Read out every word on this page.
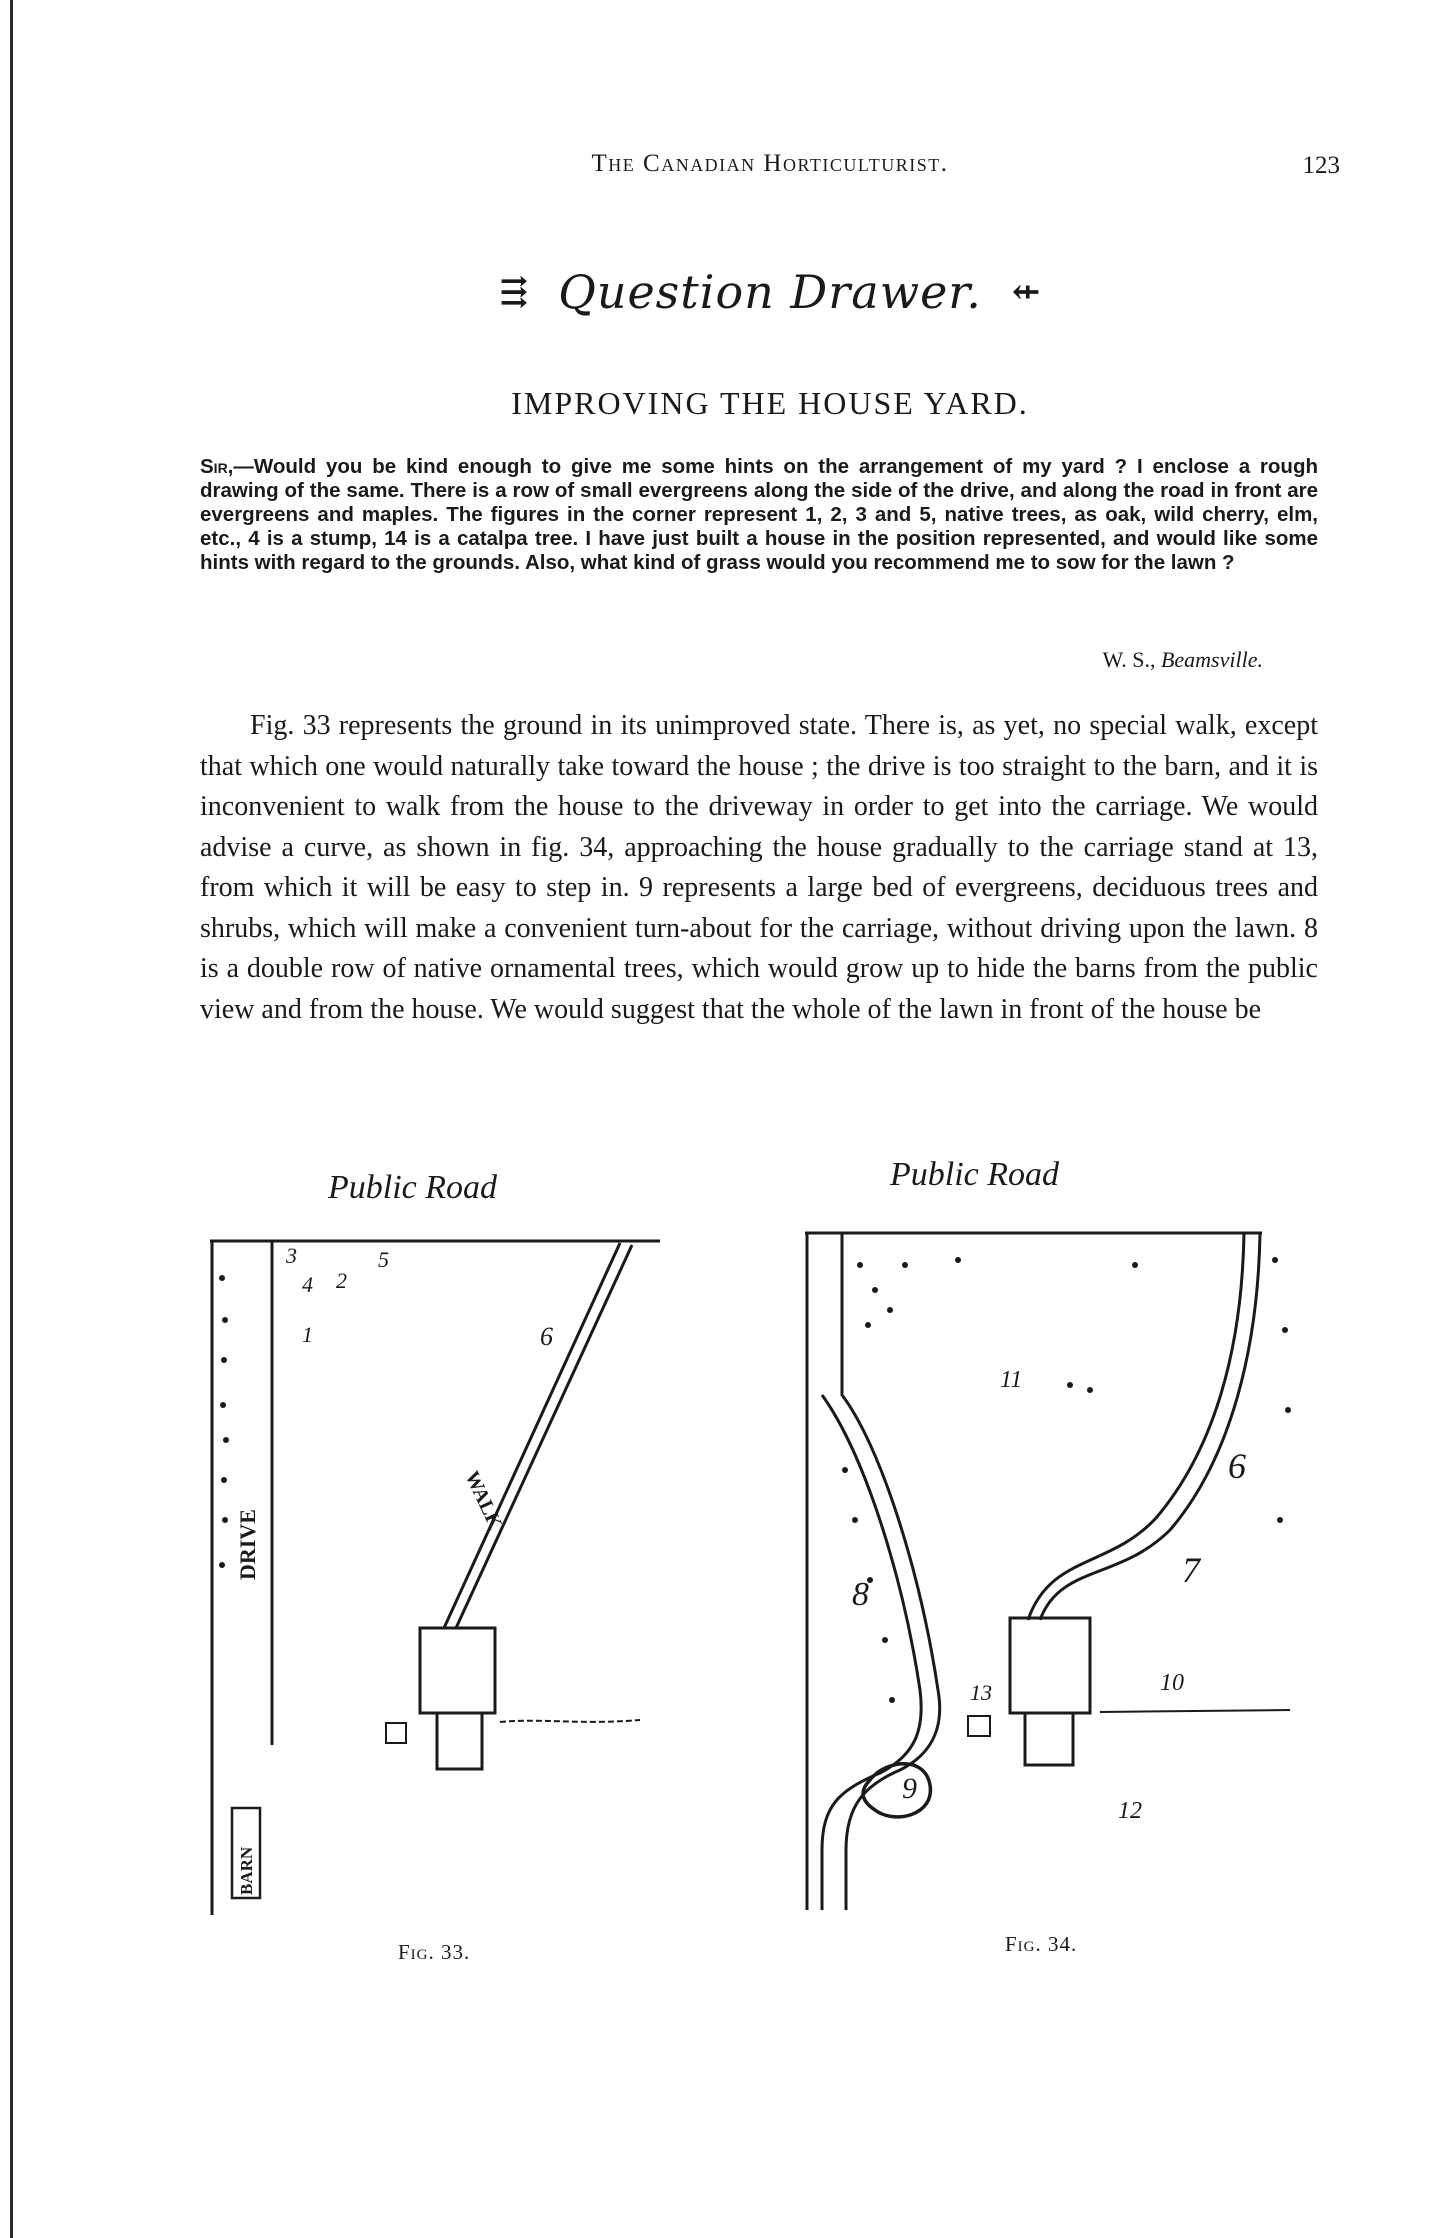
The Canadian Horticulturist.	123
⇶ Question Drawer. ⇷
IMPROVING THE HOUSE YARD.

Sir,—Would you be kind enough to give me some hints on the arrangement of my yard ? I enclose a rough drawing of the same. There is a row of small evergreens along the side of the drive, and along the road in front are evergreens and maples. The figures in the corner represent 1, 2, 3 and 5, native trees, as oak, wild cherry, elm, etc., 4 is a stump, 14 is a catalpa tree. I have just built a house in the position represented, and would like some hints with regard to the grounds. Also, what kind of grass would you recommend me to sow for the lawn ?

W. S., Beamsville.

Fig. 33 represents the ground in its unimproved state. There is, as yet, no special walk, except that which one would naturally take toward the house ; the drive is too straight to the barn, and it is inconvenient to walk from the house to the driveway in order to get into the carriage. We would advise a curve, as shown in fig. 34, approaching the house gradually to the carriage stand at 13, from which it will be easy to step in. 9 represents a large bed of evergreens, deciduous trees and shrubs, which will make a convenient turn-about for the carriage, without driving upon the lawn. 8 is a double row of native ornamental trees, which would grow up to hide the barns from the public view and from the house. We would suggest that the whole of the lawn in front of the house be

Public Road	Public Road
DRIVE
WALK
BARN
3
4 2
5
1	6
11
6
7
8
9
10
13
12
Fig. 33.	Fig. 34.
